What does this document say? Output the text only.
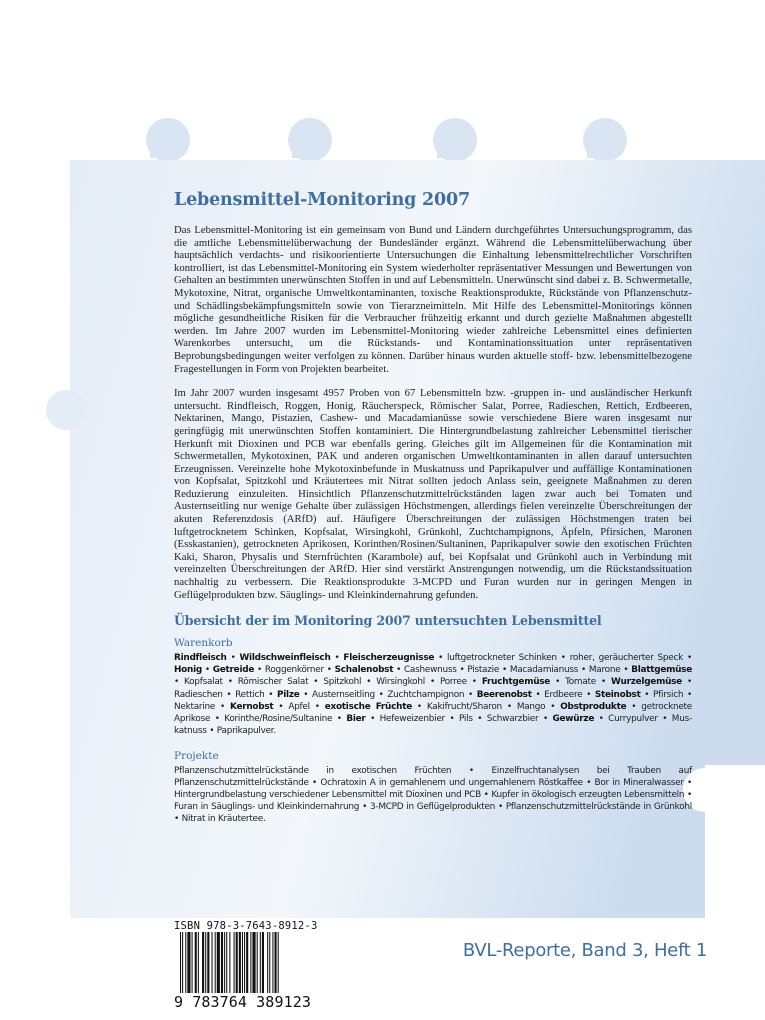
Lebensmittel-Monitoring 2007

Das Lebensmittel-Monitoring ist ein gemeinsam von Bund und Ländern durchgeführtes Untersuchungsprogramm, das die amtliche Lebensmittelüberwachung der Bundesländer ergänzt. Während die Lebensmittelüberwachung über hauptsächlich verdachts- und risikoorientierte Untersuchungen die Einhaltung lebensmittelrechtlicher Vorschriften kontrolliert, ist das Lebensmittel-Monitoring ein System wiederholter repräsentativer Messungen und Bewertungen von Gehalten an bestimmten unerwünschten Stoffen in und auf Lebensmitteln. Unerwünscht sind dabei z. B. Schwermetalle, Mykotoxine, Nitrat, organische Umweltkontaminanten, toxische Reaktionsprodukte, Rückstände von Pflanzenschutz- und Schädlingsbekämpfungsmitteln sowie von Tierarzneimitteln. Mit Hilfe des Lebensmittel-Monitorings können mögliche gesundheitliche Risiken für die Verbraucher frühzeitig erkannt und durch gezielte Maßnahmen abgestellt werden. Im Jahre 2007 wurden im Lebensmittel-Monitoring wieder zahlreiche Lebensmittel eines definierten Warenkorbes untersucht, um die Rückstands- und Kontaminationssituation unter repräsentativen Beprobungsbedingungen weiter verfolgen zu können. Darüber hinaus wurden aktuelle stoff- bzw. lebensmittelbezogene Fragestellungen in Form von Projekten bearbeitet.

Im Jahr 2007 wurden insgesamt 4957 Proben von 67 Lebensmitteln bzw. -gruppen in- und ausländischer Herkunft untersucht. Rindfleisch, Roggen, Honig, Räucherspeck, Römischer Salat, Porree, Radieschen, Rettich, Erdbeeren, Nektarinen, Mango, Pistazien, Cashew- und Macadamianüsse sowie verschiedene Biere waren insgesamt nur geringfügig mit unerwünschten Stoffen kontaminiert. Die Hintergrundbelastung zahlreicher Lebensmittel tierischer Herkunft mit Dioxinen und PCB war ebenfalls gering. Gleiches gilt im Allgemeinen für die Kontamination mit Schwermetallen, Mykotoxinen, PAK und anderen organischen Umweltkontaminanten in allen darauf untersuchten Erzeugnissen. Vereinzelte hohe Mykotoxinbefunde in Muskatnuss und Paprikapulver und auffällige Kontaminationen von Kopfsalat, Spitzkohl und Kräutertees mit Nitrat sollten jedoch Anlass sein, geeignete Maßnahmen zu deren Reduzierung einzuleiten. Hinsichtlich Pflanzenschutzmittelrückständen lagen zwar auch bei Tomaten und Austernseitling nur wenige Gehalte über zulässigen Höchstmengen, allerdings fielen vereinzelte Überschreitungen der akuten Referenzdosis (ARfD) auf. Häufigere Überschreitungen der zulässigen Höchstmengen traten bei luftgetrocknetem Schinken, Kopfsalat, Wirsingkohl, Grünkohl, Zuchtchampignons, Äpfeln, Pfirsichen, Maronen (Esskastanien), getrockneten Aprikosen, Korinthen/Rosinen/Sultaninen, Paprikapulver sowie den exotischen Früchten Kaki, Sharon, Physalis und Sternfrüchten (Karambole) auf, bei Kopfsalat und Grünkohl auch in Verbindung mit vereinzelten Überschreitungen der ARfD. Hier sind verstärkt Anstrengungen notwendig, um die Rückstandssituation nachhaltig zu verbessern. Die Reaktionsprodukte 3-MCPD und Furan wurden nur in geringen Mengen in Geflügelprodukten bzw. Säuglings- und Kleinkindernahrung gefunden.

Übersicht der im Monitoring 2007 untersuchten Lebensmittel
Warenkorb

Rindfleisch • Wildschweinfleisch • Fleischerzeugnisse • luftgetrockneter Schinken • roher, geräucherter Speck • Honig • Getreide • Roggenkörner • Schalenobst • Cashewnuss • Pistazie • Macadamianuss • Marone • Blattgemüse • Kopfsalat • Römischer Salat • Spitzkohl • Wirsingkohl • Porree • Fruchtgemüse • Tomate • Wurzelgemüse • Radieschen • Rettich • Pilze • Austernseitling • Zuchtchampignon • Beerenobst • Erdbeere • Steinobst • Pfirsich • Nektarine • Kernobst • Apfel • exotische Früchte • Kakifrucht/Sharon • Mango • Obstprodukte • getrocknete Aprikose • Korinthe/Rosine/Sultanine • Bier • Hefeweizenbier • Pils • Schwarzbier • Gewürze • Currypulver • Mus-katnuss • Paprikapulver.

Projekte

Pflanzenschutzmittelrückstände in exotischen Früchten • Einzelfruchtanalysen bei Trauben auf Pflanzenschutzmittelrückstände • Ochratoxin A in gemahlenem und ungemahlenem Röstkaffee • Bor in Mineralwasser • Hintergrundbelastung verschiedener Lebensmittel mit Dioxinen und PCB • Kupfer in ökologisch erzeugten Lebensmitteln • Furan in Säuglings- und Kleinkindernahrung • 3-MCPD in Geflügelprodukten • Pflanzenschutzmittelrückstände in Grünkohl • Nitrat in Kräutertee.

ISBN 978-3-7643-8912-3
9 783764 389123
BVL-Reporte, Band 3, Heft 1
